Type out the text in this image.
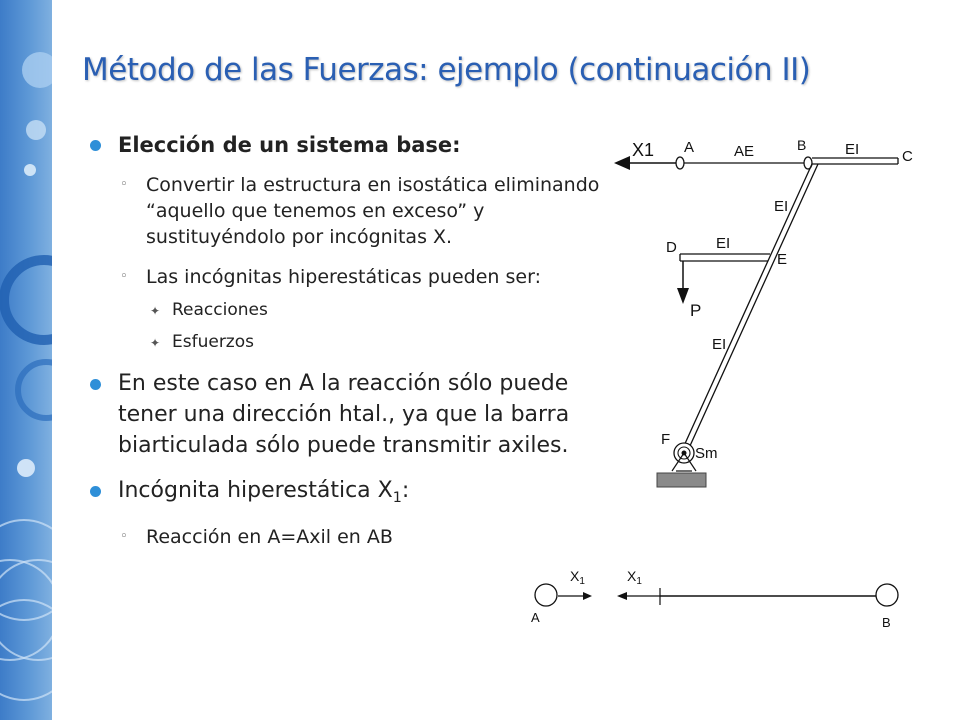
Método de las Fuerzas: ejemplo (continuación II)
Elección de un sistema base:
◦ Convertir la estructura en isostática eliminando “aquello que tenemos en exceso” y sustituyéndolo por incógnitas X.
◦ Las incógnitas hiperestáticas pueden ser:
✦ Reacciones
✦ Esfuerzos
En este caso en A la reacción sólo puede tener una dirección htal., ya que la barra biarticulada sólo puede transmitir axiles.
Incógnita hiperestática $X_1$:
◦ Reacción en A=Axil en AB
X1 A	AE	B	EI	C
EI
D	EI
E
P
EI
F
Sm
$X_1$	$X_1$
A	B
